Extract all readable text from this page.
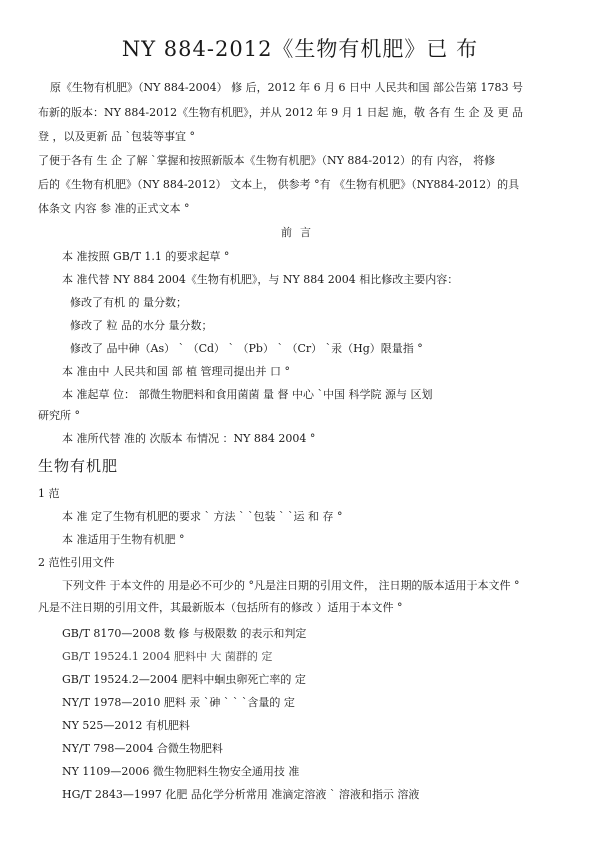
NY 884-2012《生物有机肥》已 布
原《生物有机肥》（NY 884-2004） 修 后，2012 年 6 月 6 日中 人民共和国 部公告第 1783 号
布新的版本：NY 884-2012《生物有机肥》，并从 2012 年 9 月 1 日起 施，敬 各有 生 企 及 更 品
登 ，以及更新 品 `包装等事宜 °
了便于各有 生 企 了解 `掌握和按照新版本《生物有机肥》（NY 884-2012）的有 内容， 将修
后的《生物有机肥》（NY 884-2012） 文本上， 供参考 °有 《生物有机肥》（NY884-2012）的具
体条文 内容 参 准的正式文本 °
前言
本 准按照 GB/T 1.1 的要求起草 °
本 准代替 NY 884 2004《生物有机肥》，与 NY 884 2004 相比修改主要内容：
修改了有机 的 量分数；
修改了 粒 品的水分 量分数；
修改了 品中砷（As） ` （Cd） ` （Pb） ` （Cr） `汞（Hg）限量指 °
本 准由中 人民共和国 部 植 管理司提出并 口 °
本 准起草 位： 部微生物肥料和食用菌菌 量 督 中心 `中国 科学院 源与 区划
研究所 °
本 准所代替 准的 次版本 布情况 ：NY 884 2004 °
生物有机肥
1 范
本 准 定了生物有机肥的要求 ` 方法 ` `包装 ` `运 和 存 °
本 准适用于生物有机肥 °
2 范性引用文件
下列文件 于本文件的 用是必不可少的 °凡是注日期的引用文件， 注日期的版本适用于本文件 °
凡是不注日期的引用文件，其最新版本（包括所有的修改 ）适用于本文件 °
GB/T 8170—2008 数 修 与极限数 的表示和判定
GB/T 19524.1 2004 肥料中 大 菌群的 定
GB/T 19524.2—2004 肥料中蛔虫卵死亡率的 定
NY/T 1978—2010 肥料 汞 `砷 ` ` `含量的 定
NY 525—2012 有机肥料
NY/T 798—2004 合微生物肥料
NY 1109—2006 微生物肥料生物安全通用技 准
HG/T 2843—1997 化肥 品化学分析常用 准滴定溶液 ` 溶液和指示 溶液
